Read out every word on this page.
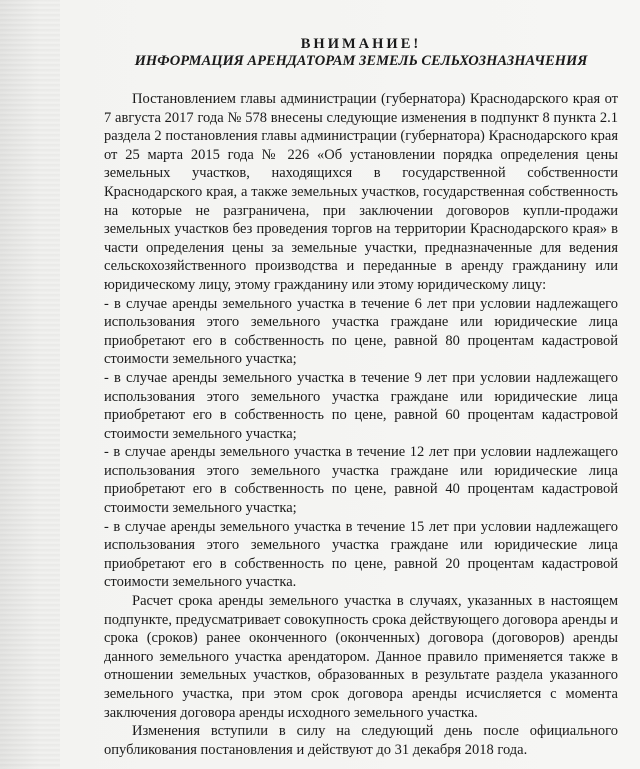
ВНИМАНИЕ!
ИНФОРМАЦИЯ АРЕНДАТОРАМ ЗЕМЕЛЬ СЕЛЬХОЗНАЗНАЧЕНИЯ

Постановлением главы администрации (губернатора) Краснодарского края от 7 августа 2017 года № 578 внесены следующие изменения в подпункт 8 пункта 2.1 раздела 2 постановления главы администрации (губернатора) Краснодарского края от 25 марта 2015 года № 226 «Об установлении порядка определения цены земельных участков, находящихся в государственной собственности Краснодарского края, а также земельных участков, государственная собственность на которые не разграничена, при заключении договоров купли-продажи земельных участков без проведения торгов на территории Краснодарского края» в части определения цены за земельные участки, предназначенные для ведения сельскохозяйственного производства и переданные в аренду гражданину или юридическому лицу, этому гражданину или этому юридическому лицу:

- в случае аренды земельного участка в течение 6 лет при условии надлежащего использования этого земельного участка граждане или юридические лица приобретают его в собственность по цене, равной 80 процентам кадастровой стоимости земельного участка;

- в случае аренды земельного участка в течение 9 лет при условии надлежащего использования этого земельного участка граждане или юридические лица приобретают его в собственность по цене, равной 60 процентам кадастровой стоимости земельного участка;

- в случае аренды земельного участка в течение 12 лет при условии надлежащего использования этого земельного участка граждане или юридические лица приобретают его в собственность по цене, равной 40 процентам кадастровой стоимости земельного участка;

- в случае аренды земельного участка в течение 15 лет при условии надлежащего использования этого земельного участка граждане или юридические лица приобретают его в собственность по цене, равной 20 процентам кадастровой стоимости земельного участка.

Расчет срока аренды земельного участка в случаях, указанных в настоящем подпункте, предусматривает совокупность срока действующего договора аренды и срока (сроков) ранее оконченного (оконченных) договора (договоров) аренды данного земельного участка арендатором. Данное правило применяется также в отношении земельных участков, образованных в результате раздела указанного земельного участка, при этом срок договора аренды исчисляется с момента заключения договора аренды исходного земельного участка.

Изменения вступили в силу на следующий день после официального опубликования постановления и действуют до 31 декабря 2018 года.
